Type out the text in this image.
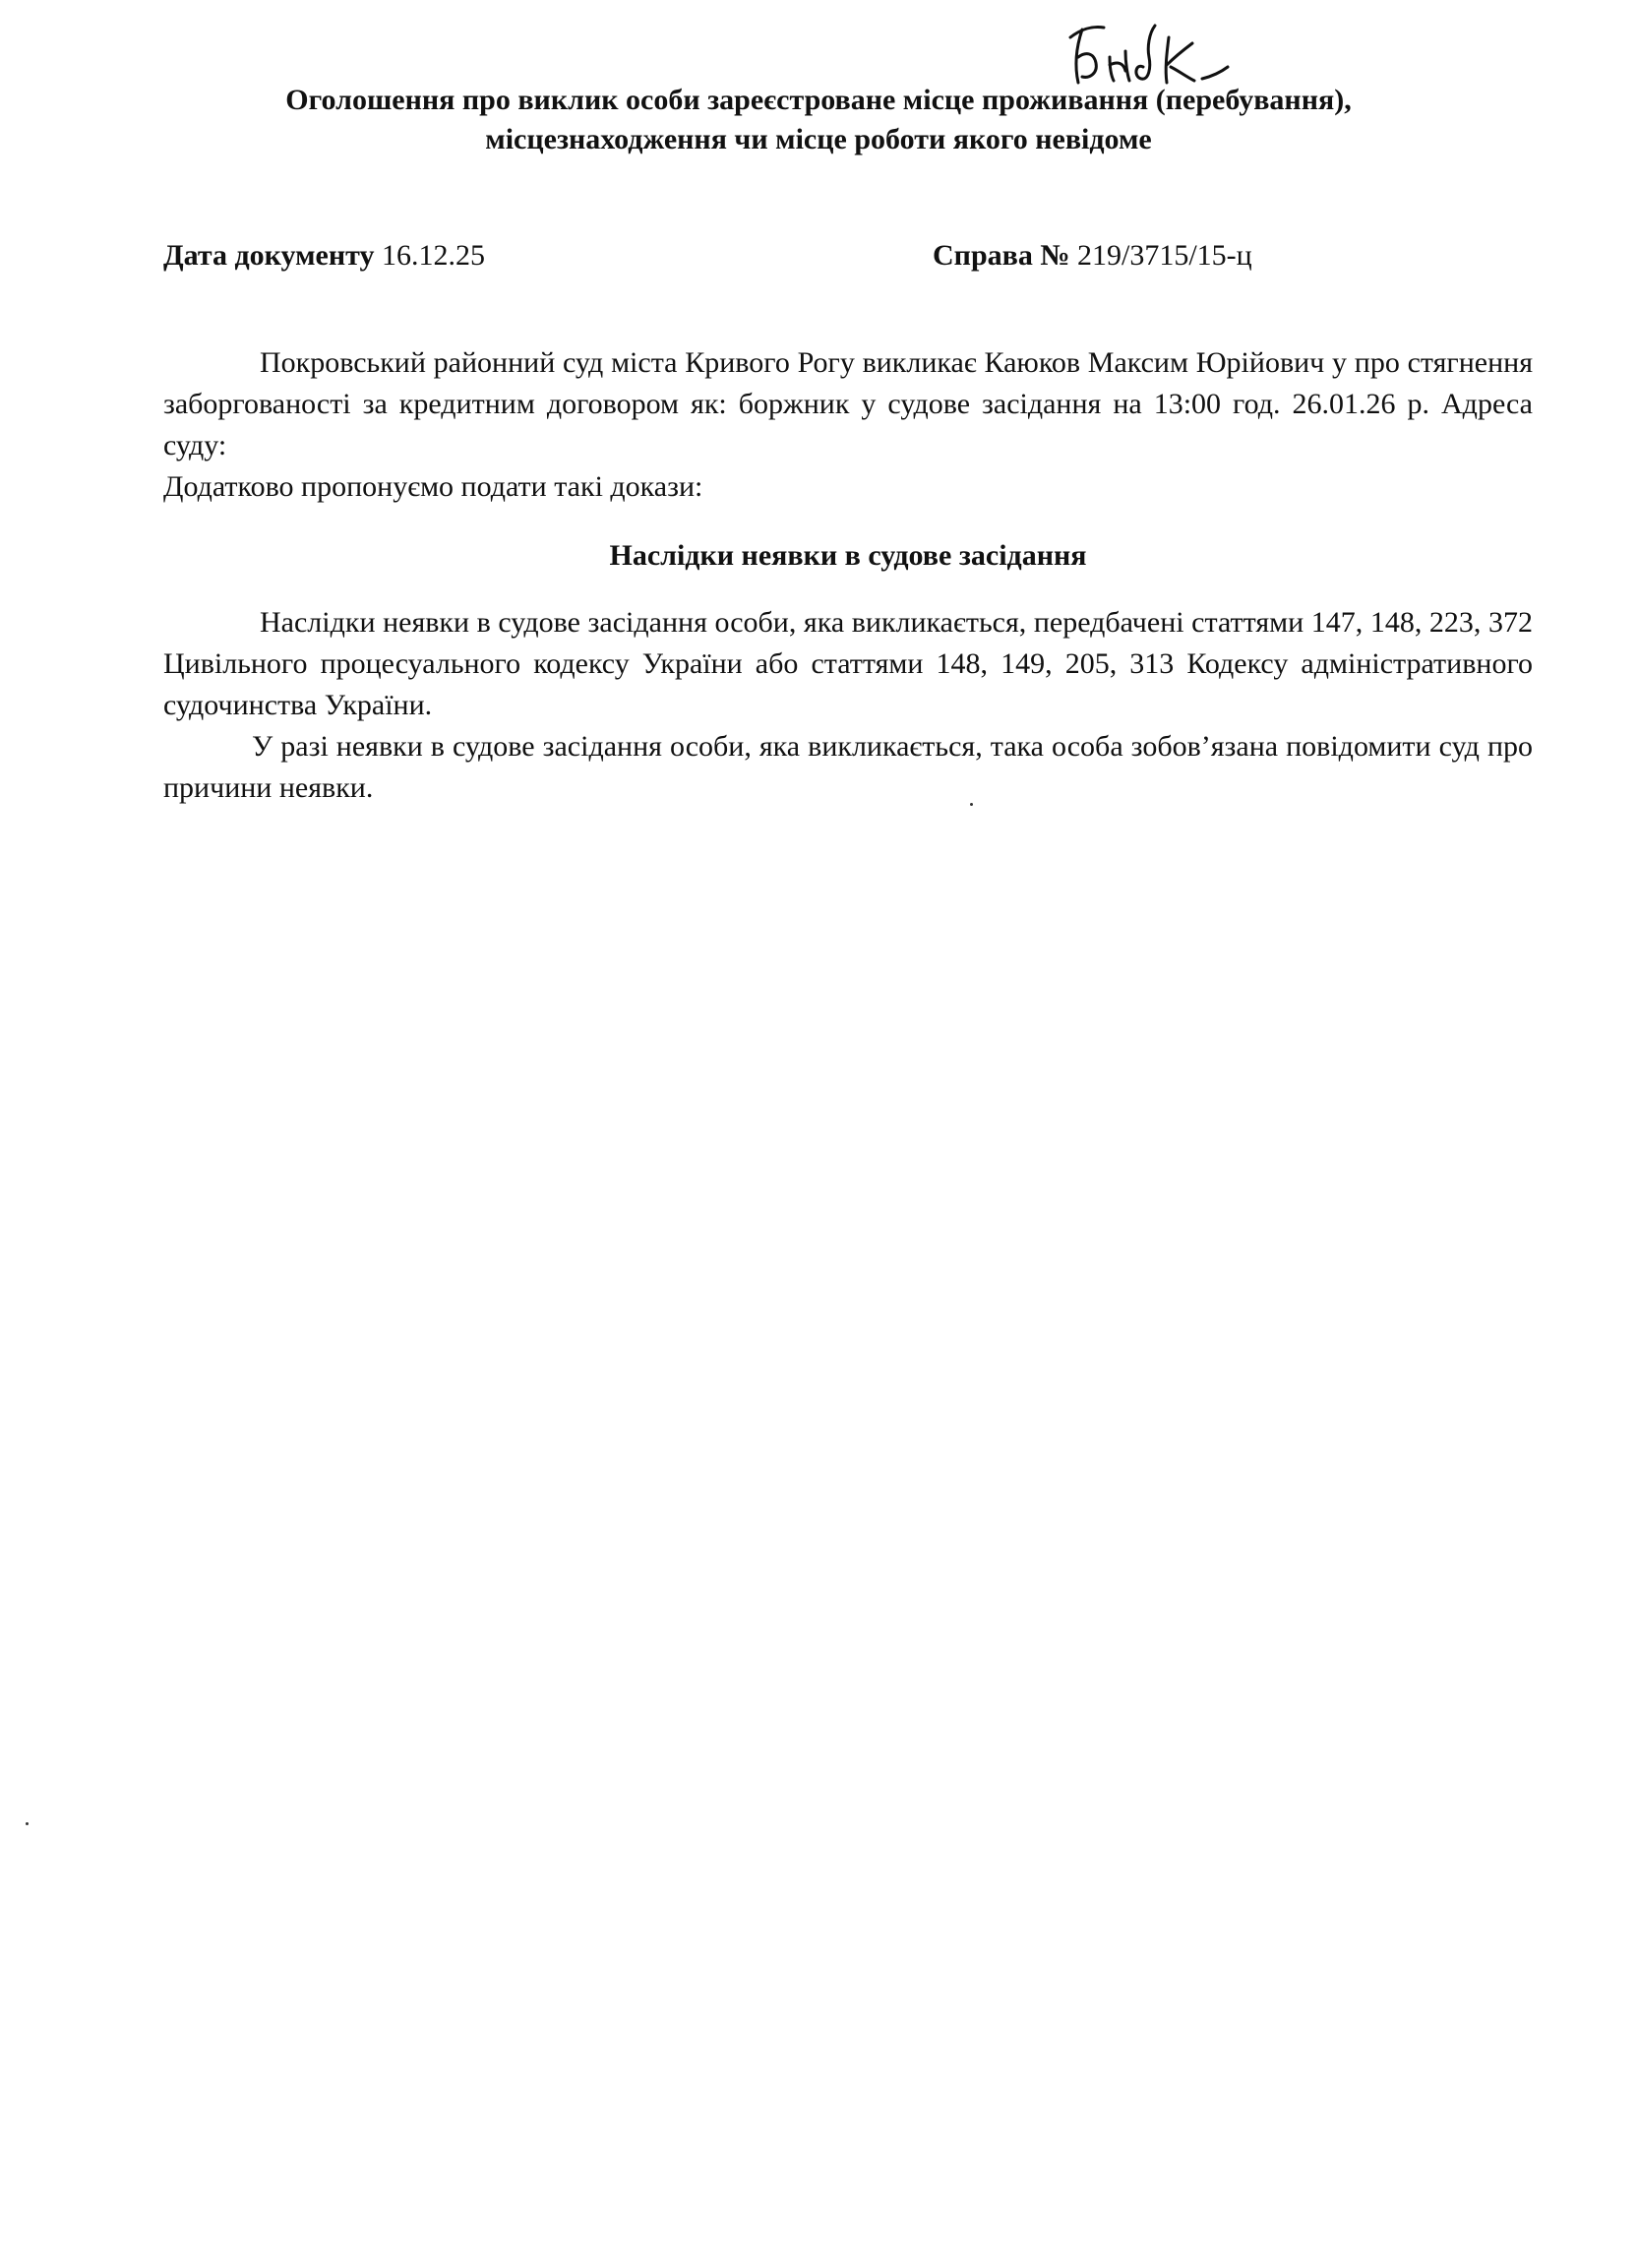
Оголошення про виклик особи зареєстроване місце проживання (перебування),
місцезнаходження чи місце роботи якого невідоме
Дата документу 16.12.25	Справа № 219/3715/15-ц

Покровський районний суд міста Кривого Рогу викликає Каюков Максим Юрійович у про стягнення заборгованості за кредитним договором як: боржник у судове засідання на 13:00 год. 26.01.26 р. Адреса суду:

Додатково пропонуємо подати такі докази:

Наслідки неявки в судове засідання

Наслідки неявки в судове засідання особи, яка викликається, передбачені статтями 147, 148, 223, 372 Цивільного процесуального кодексу України або статтями 148, 149, 205, 313 Кодексу адміністративного судочинства України.

У разі неявки в судове засідання особи, яка викликається, така особа зобов’язана повідомити суд про причини неявки.
